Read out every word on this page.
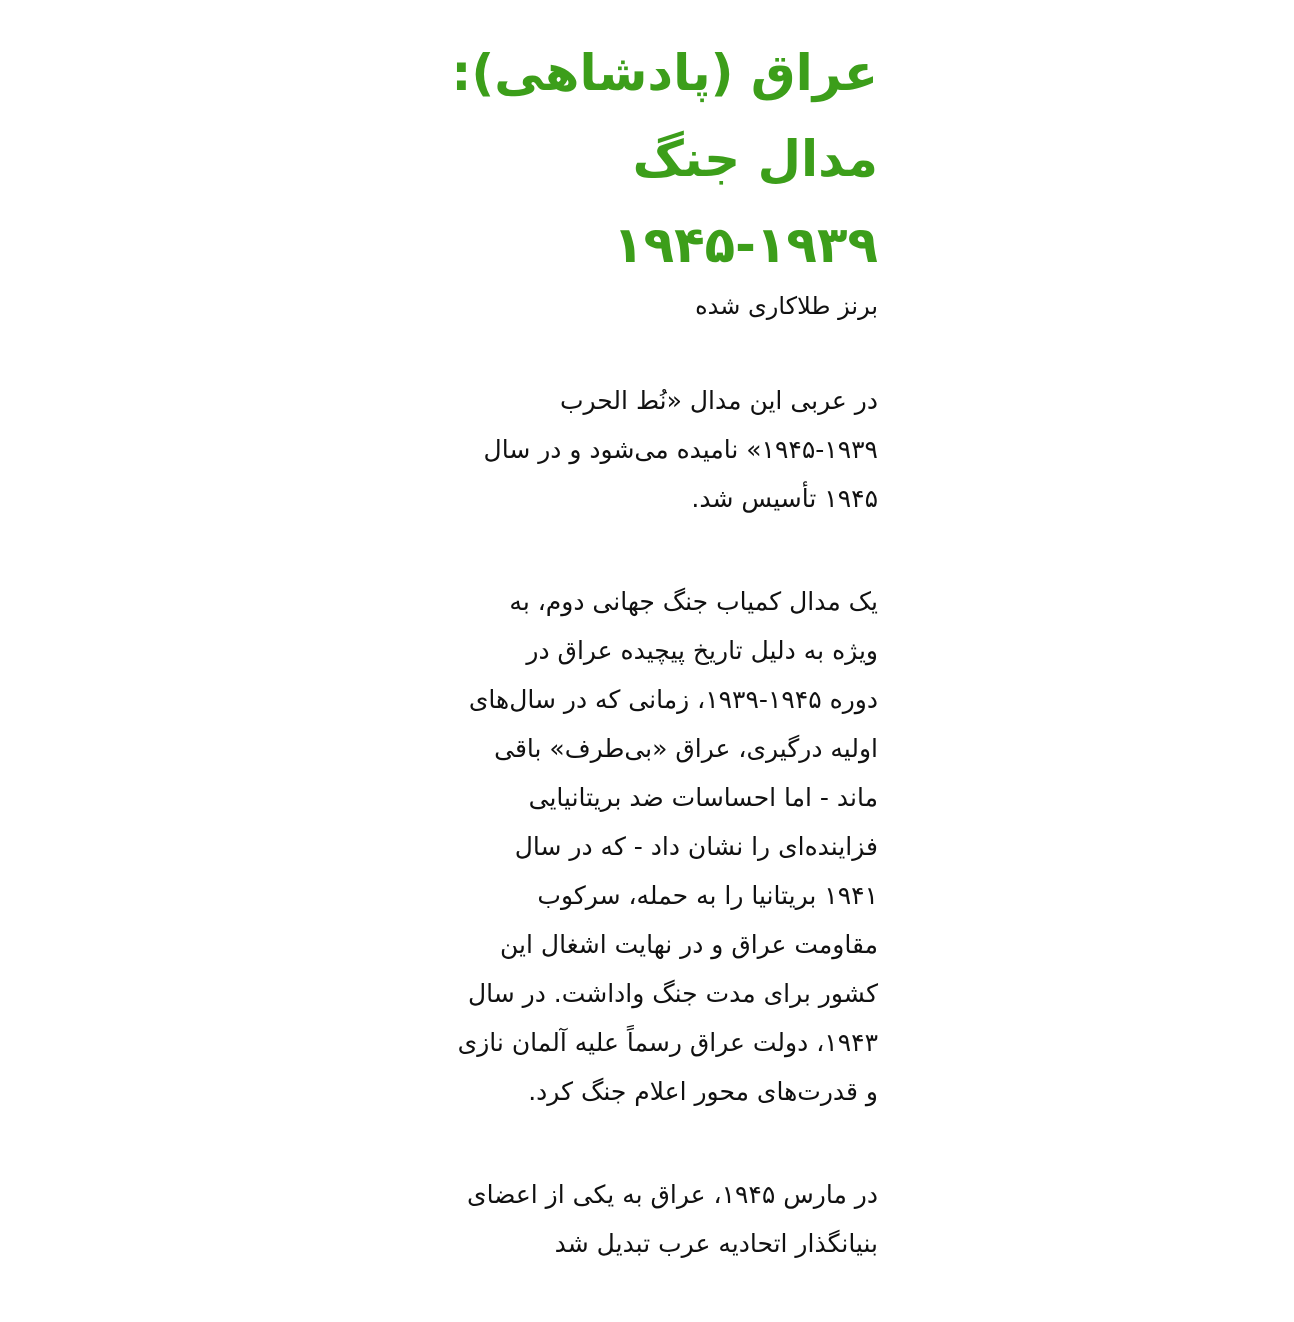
عراق (پادشاهی):
مدال جنگ
۱۹۴۵-۱۹۳۹

برنز طلاکاری شده

در عربی این مدال «نُط الحرب
۱۹۴۵-۱۹۳۹» نامیده می‌شود و در سال
۱۹۴۵ تأسیس شد.

یک مدال کمیاب جنگ جهانی دوم، به
ویژه به دلیل تاریخ پیچیده عراق در
دوره ۱۹۴۵-۱۹۳۹، زمانی که در سال‌های
اولیه درگیری، عراق «بی‌طرف» باقی
ماند - اما احساسات ضد بریتانیایی
فزاینده‌ای را نشان داد - که در سال
۱۹۴۱ بریتانیا را به حمله، سرکوب
مقاومت عراق و در نهایت اشغال این
کشور برای مدت جنگ واداشت. در سال
۱۹۴۳، دولت عراق رسماً علیه آلمان نازی
و قدرت‌های محور اعلام جنگ کرد.

در مارس ۱۹۴۵، عراق به یکی از اعضای
بنیانگذار اتحادیه عرب تبدیل شد
